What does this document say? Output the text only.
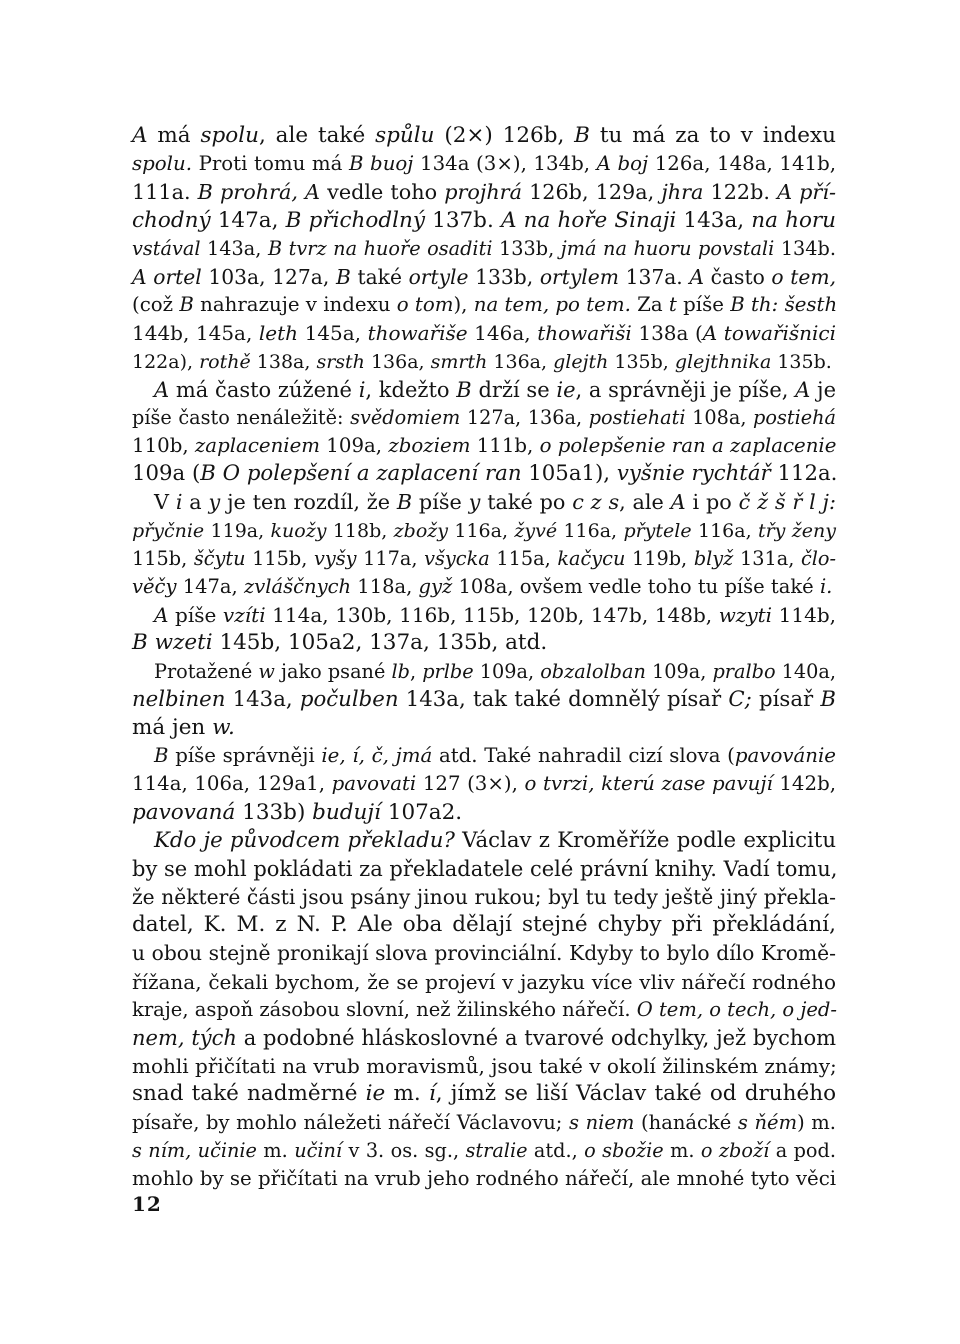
A má spolu, ale také spůlu (2×) 126b, B tu má za to v indexu
spolu. Proti tomu má B buoj 134a (3×), 134b, A boj 126a, 148a, 141b,
111a. B prohrá, A vedle toho projhrá 126b, 129a, jhra 122b. A pří-
chodný 147a, B přichodlný 137b. A na hoře Sinaji 143a, na horu
vstával 143a, B tvrz na huoře osaditi 133b, jmá na huoru povstali 134b.
A ortel 103a, 127a, B také ortyle 133b, ortylem 137a. A často o tem,
(což B nahrazuje v indexu o tom), na tem, po tem. Za t píše B th: šesth
144b, 145a, leth 145a, thowařiše 146a, thowařiši 138a (A towařišnici
122a), rothě 138a, srsth 136a, smrth 136a, glejth 135b, glejthnika 135b.
A má často zúžené i, kdežto B drží se ie, a správněji je píše, A je
píše často nenáležitě: svědomiem 127a, 136a, postiehati 108a, postiehá
110b, zaplaceniem 109a, zboziem 111b, o polepšenie ran a zaplacenie
109a (B O polepšení a zaplacení ran 105a1), vyšnie rychtář 112a.
V i a y je ten rozdíl, že B píše y také po c z s, ale A i po č ž š ř l j:
přyčnie 119a, kuožy 118b, zbožy 116a, žyvé 116a, přytele 116a, třy ženy
115b, ščytu 115b, vyšy 117a, všycka 115a, kačycu 119b, blyž 131a, člo-
věčy 147a, zvláščnych 118a, gyž 108a, ovšem vedle toho tu píše také i.
A píše vzíti 114a, 130b, 116b, 115b, 120b, 147b, 148b, wzyti 114b,
B wzeti 145b, 105a2, 137a, 135b, atd.
Protažené w jako psané lb, prlbe 109a, obzalolban 109a, pralbo 140a,
nelbinen 143a, počulben 143a, tak také domnělý písař C; písař B
má jen w.
B píše správněji ie, í, č, jmá atd. Také nahradil cizí slova (pavovánie
114a, 106a, 129a1, pavovati 127 (3×), o tvrzi, kterú zase pavují 142b,
pavovaná 133b) budují 107a2.
Kdo je původcem překladu? Václav z Kroměříže podle explicitu
by se mohl pokládati za překladatele celé právní knihy. Vadí tomu,
že některé části jsou psány jinou rukou; byl tu tedy ještě jiný překla-
datel, K. M. z N. P. Ale oba dělají stejné chyby při překládání,
u obou stejně pronikají slova provinciální. Kdyby to bylo dílo Kromě-
řížana, čekali bychom, že se projeví v jazyku více vliv nářečí rodného
kraje, aspoň zásobou slovní, než žilinského nářečí. O tem, o tech, o jed-
nem, tých a podobné hláskoslovné a tvarové odchylky, jež bychom
mohli přičítati na vrub moravismů, jsou také v okolí žilinském známy;
snad také nadměrné ie m. í, jímž se liší Václav také od druhého
písaře, by mohlo náležeti nářečí Václavovu; s niem (hanácké s ňém) m.
s ním, učinie m. učiní v 3. os. sg., stralie atd., o sbožie m. o zboží a pod.
mohlo by se přičítati na vrub jeho rodného nářečí, ale mnohé tyto věci
12
